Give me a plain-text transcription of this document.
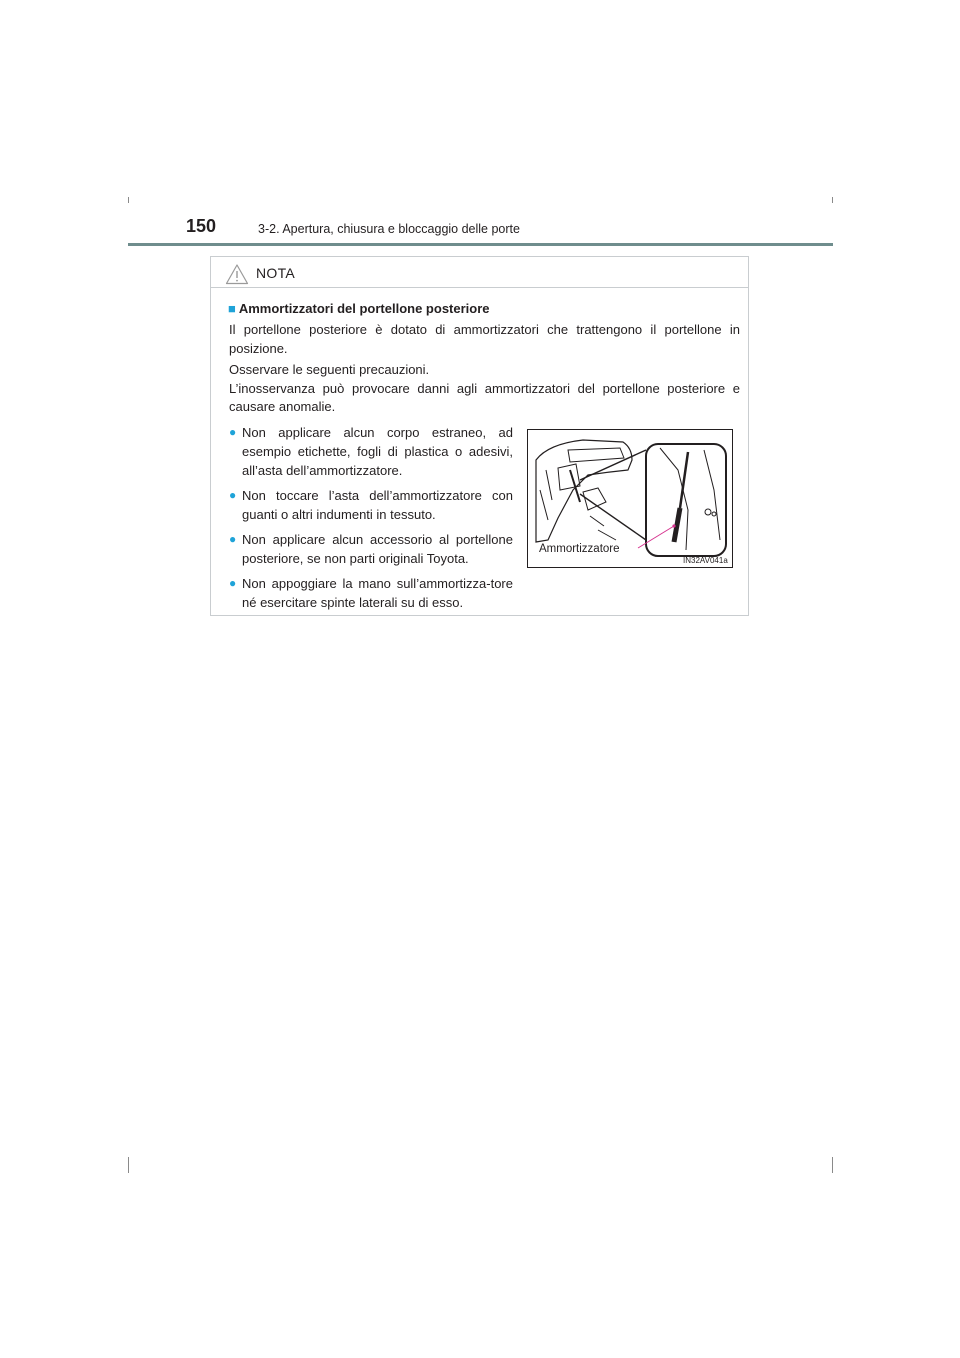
150	3-2. Apertura, chiusura e bloccaggio delle porte
NOTA
■ Ammortizzatori del portellone posteriore
Il portellone posteriore è dotato di ammortizzatori che trattengono il portellone in posizione.
Osservare le seguenti precauzioni.
L’inosservanza può provocare danni agli ammortizzatori del portellone posteriore e causare anomalie.
● Non applicare alcun corpo estraneo, ad esempio etichette, fogli di plastica o adesivi, all’asta dell’ammortizzatore.
● Non toccare l’asta dell’ammortizzatore con guanti o altri indumenti in tessuto.
● Non applicare alcun accessorio al portellone posteriore, se non parti originali Toyota.
● Non appoggiare la mano sull’ammortizza-tore né esercitare spinte laterali su di esso.
Ammortizzatore
IN32AV041a
